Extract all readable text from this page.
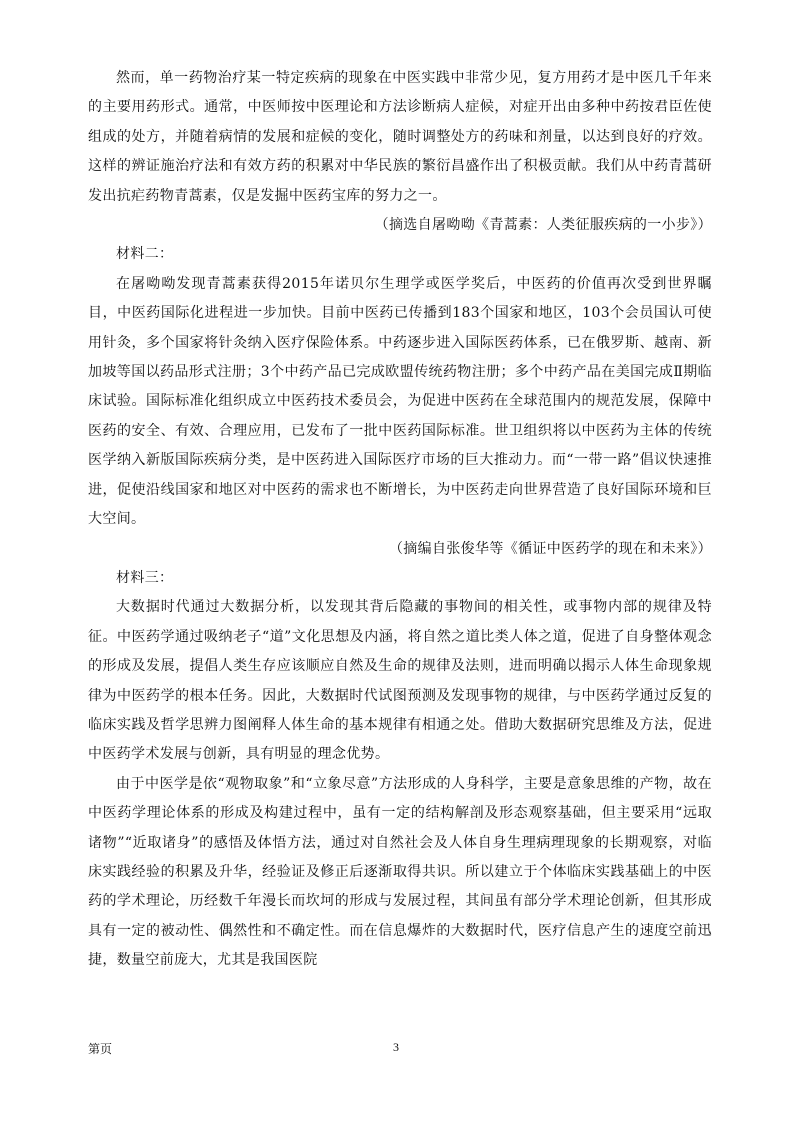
然而，单一药物治疗某一特定疾病的现象在中医实践中非常少见，复方用药才是中医几千年来的主要用药形式。通常，中医师按中医理论和方法诊断病人症候，对症开出由多种中药按君臣佐使组成的处方，并随着病情的发展和症候的变化，随时调整处方的药味和剂量，以达到良好的疗效。这样的辨证施治疗法和有效方药的积累对中华民族的繁衍昌盛作出了积极贡献。我们从中药青蒿研发出抗疟药物青蒿素，仅是发掘中医药宝库的努力之一。

（摘选自屠呦呦《青蒿素：人类征服疾病的一小步》）

材料二：

在屠呦呦发现青蒿素获得2015年诺贝尔生理学或医学奖后，中医药的价值再次受到世界瞩目，中医药国际化进程进一步加快。目前中医药已传播到183个国家和地区，103个会员国认可使用针灸，多个国家将针灸纳入医疗保险体系。中药逐步进入国际医药体系，已在俄罗斯、越南、新加坡等国以药品形式注册；3个中药产品已完成欧盟传统药物注册；多个中药产品在美国完成Ⅱ期临床试验。国际标准化组织成立中医药技术委员会，为促进中医药在全球范围内的规范发展，保障中医药的安全、有效、合理应用，已发布了一批中医药国际标准。世卫组织将以中医药为主体的传统医学纳入新版国际疾病分类，是中医药进入国际医疗市场的巨大推动力。而“一带一路”倡议快速推进，促使沿线国家和地区对中医药的需求也不断增长，为中医药走向世界营造了良好国际环境和巨大空间。

（摘编自张俊华等《循证中医药学的现在和未来》）

材料三：

大数据时代通过大数据分析，以发现其背后隐藏的事物间的相关性，或事物内部的规律及特征。中医药学通过吸纳老子“道”文化思想及内涵，将自然之道比类人体之道，促进了自身整体观念的形成及发展，提倡人类生存应该顺应自然及生命的规律及法则，进而明确以揭示人体生命现象规律为中医药学的根本任务。因此，大数据时代试图预测及发现事物的规律，与中医药学通过反复的临床实践及哲学思辨力图阐释人体生命的基本规律有相通之处。借助大数据研究思维及方法，促进中医药学术发展与创新，具有明显的理念优势。

由于中医学是依“观物取象”和“立象尽意”方法形成的人身科学，主要是意象思维的产物，故在中医药学理论体系的形成及构建过程中，虽有一定的结构解剖及形态观察基础，但主要采用“远取诸物”“近取诸身”的感悟及体悟方法，通过对自然社会及人体自身生理病理现象的长期观察，对临床实践经验的积累及升华，经验证及修正后逐渐取得共识。所以建立于个体临床实践基础上的中医药的学术理论，历经数千年漫长而坎坷的形成与发展过程，其间虽有部分学术理论创新，但其形成具有一定的被动性、偶然性和不确定性。而在信息爆炸的大数据时代，医疗信息产生的速度空前迅捷，数量空前庞大，尤其是我国医院

第页	3
